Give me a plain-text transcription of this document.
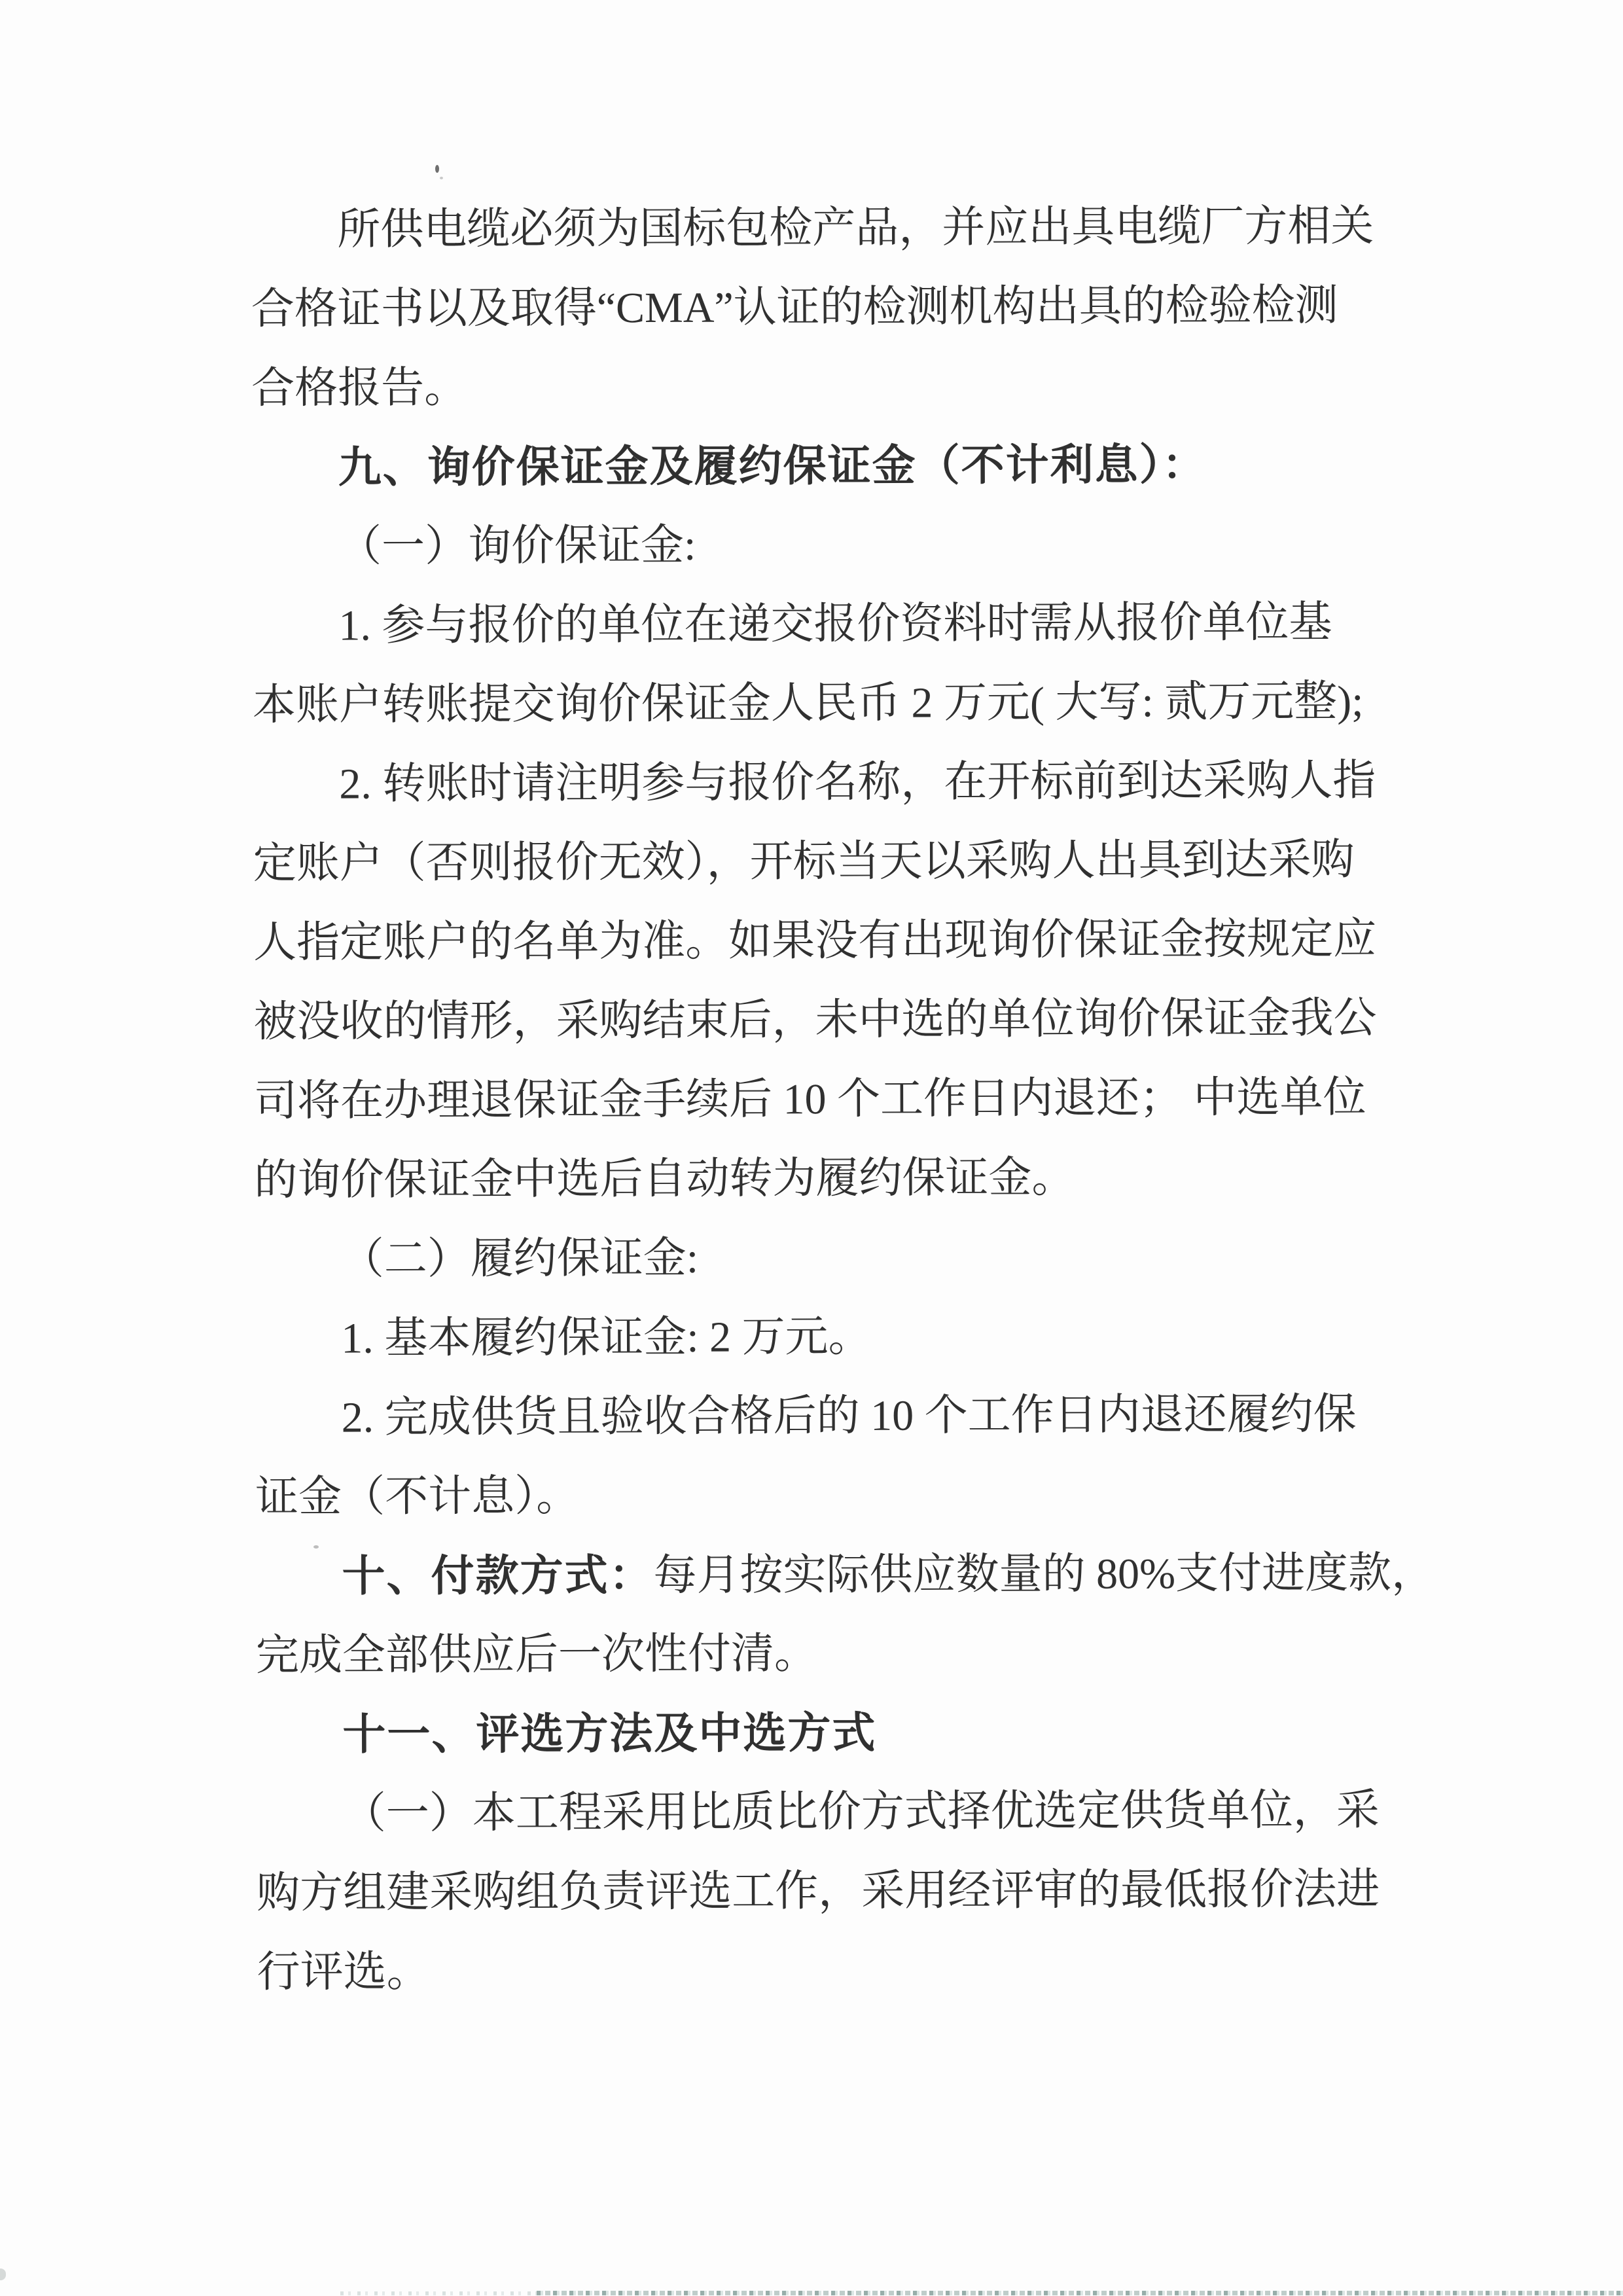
所供电缆必须为国标包检产品，并应出具电缆厂方相关
合格证书以及取得“CMA”认证的检测机构出具的检验检测
合格报告。
九、询价保证金及履约保证金（不计利息）：
（一）询价保证金:
1. 参与报价的单位在递交报价资料时需从报价单位基
本账户转账提交询价保证金人民币 2 万元( 大写: 贰万元整);
2. 转账时请注明参与报价名称，在开标前到达采购人指
定账户（否则报价无效），开标当天以采购人出具到达采购
人指定账户的名单为准。如果没有出现询价保证金按规定应
被没收的情形，采购结束后，未中选的单位询价保证金我公
司将在办理退保证金手续后 10 个工作日内退还； 中选单位
的询价保证金中选后自动转为履约保证金。
（二）履约保证金:
1. 基本履约保证金: 2 万元。
2. 完成供货且验收合格后的 10 个工作日内退还履约保
证金（不计息）。
十、付款方式：每月按实际供应数量的 80%支付进度款，
完成全部供应后一次性付清。
十一、评选方法及中选方式
（一）本工程采用比质比价方式择优选定供货单位，采
购方组建采购组负责评选工作，采用经评审的最低报价法进
行评选。
